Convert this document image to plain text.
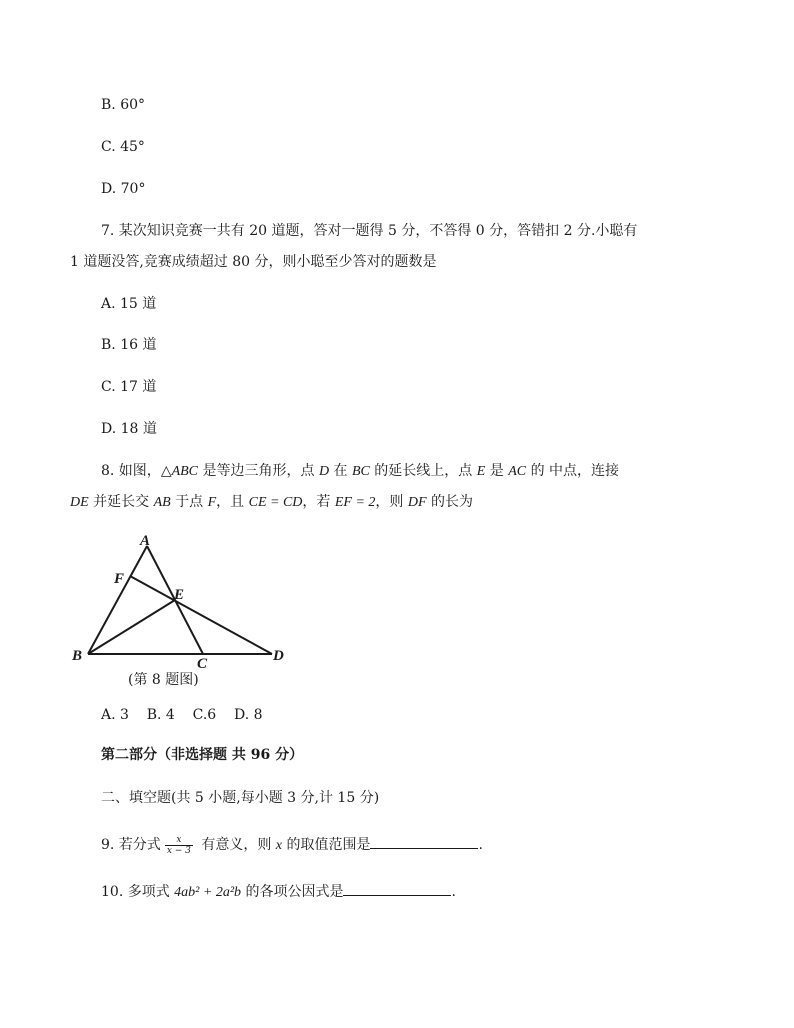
B. 60°
C. 45°
D. 70°
7. 某次知识竞赛一共有 20 道题，答对一题得 5 分，不答得 0 分，答错扣 2 分.小聪有
1 道题没答,竞赛成绩超过 80 分，则小聪至少答对的题数是
A. 15 道
B. 16 道
C. 17 道
D. 18 道
8. 如图，△ABC 是等边三角形，点 D 在 BC 的延长线上，点 E 是 AC 的 中点，连接
DE 并延长交 AB 于点 F，且 CE = CD，若 EF = 2，则 DF 的长为
A
F
E
B	C	D
(第 8 题图)
A. 3    B. 4    C.6    D. 8
第二部分（非选择题 共 96 分）
二、填空题(共 5 小题,每小题 3 分,计 15 分)
9. 若分式 $\frac{x}{x - 3}$ 有意义，则 x 的取值范围是	.
10. 多项式 4ab² + 2a²b 的各项公因式是	.
